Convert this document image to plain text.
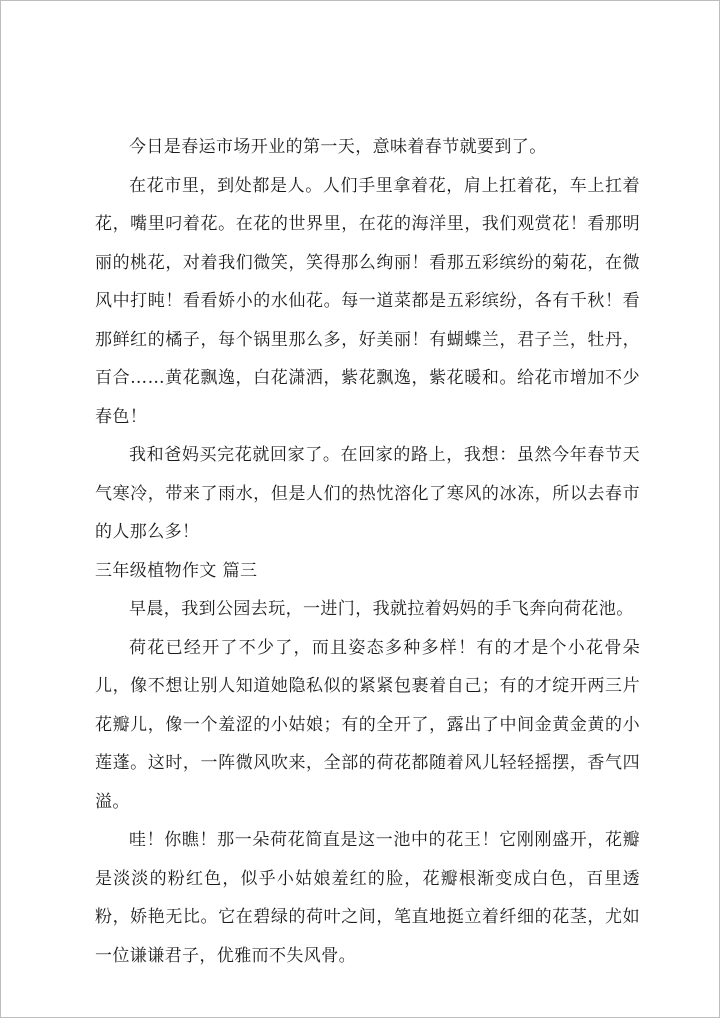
今日是春运市场开业的第一天，意味着春节就要到了。

在花市里，到处都是人。人们手里拿着花，肩上扛着花，车上扛着花，嘴里叼着花。在花的世界里，在花的海洋里，我们观赏花！看那明丽的桃花，对着我们微笑，笑得那么绚丽！看那五彩缤纷的菊花，在微风中打盹！看看娇小的水仙花。每一道菜都是五彩缤纷，各有千秋！看那鲜红的橘子，每个锅里那么多，好美丽！有蝴蝶兰，君子兰，牡丹，百合……黄花飘逸，白花潇洒，紫花飘逸，紫花暖和。给花市增加不少春色！

我和爸妈买完花就回家了。在回家的路上，我想：虽然今年春节天气寒冷，带来了雨水，但是人们的热忱溶化了寒风的冰冻，所以去春市的人那么多！

三年级植物作文 篇三

早晨，我到公园去玩，一进门，我就拉着妈妈的手飞奔向荷花池。

荷花已经开了不少了，而且姿态多种多样！有的才是个小花骨朵儿，像不想让别人知道她隐私似的紧紧包裹着自己；有的才绽开两三片花瓣儿，像一个羞涩的小姑娘；有的全开了，露出了中间金黄金黄的小莲蓬。这时，一阵微风吹来，全部的荷花都随着风儿轻轻摇摆，香气四溢。

哇！你瞧！那一朵荷花简直是这一池中的花王！它刚刚盛开，花瓣是淡淡的粉红色，似乎小姑娘羞红的脸，花瓣根渐变成白色，百里透粉，娇艳无比。它在碧绿的荷叶之间，笔直地挺立着纤细的花茎，尤如一位谦谦君子，优雅而不失风骨。
